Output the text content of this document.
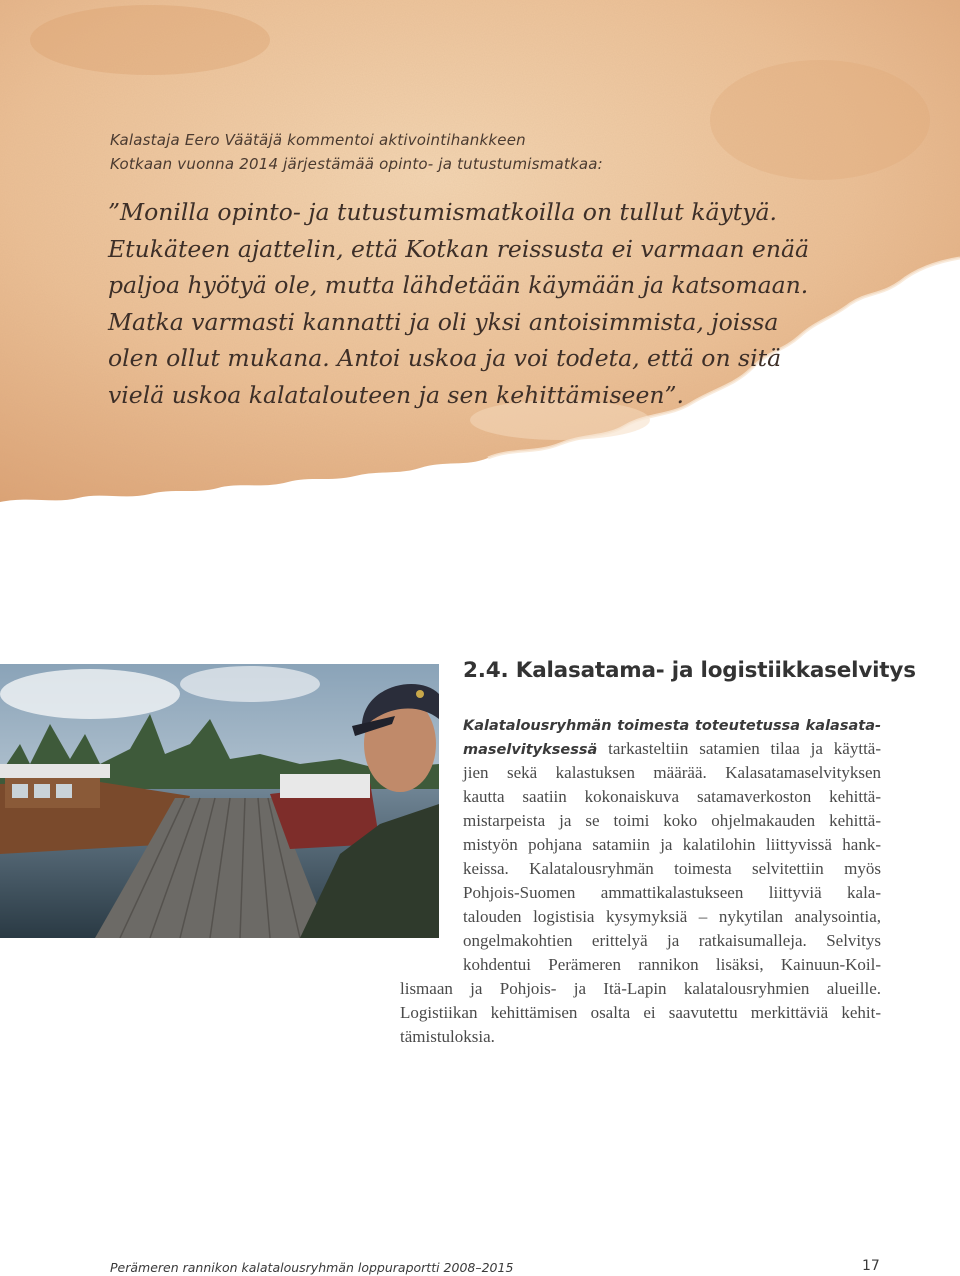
Kalastaja Eero Väätäjä kommentoi aktivointihankkeen
Kotkaan vuonna 2014 järjestämää opinto- ja tutustumismatkaa:
”Monilla opinto- ja tutustumismatkoilla on tullut käytyä.
Etukäteen ajattelin, että Kotkan reissusta ei varmaan enää
paljoa hyötyä ole, mutta lähdetään käymään ja katsomaan.
Matka varmasti kannatti ja oli yksi antoisimmista, joissa
olen ollut mukana. Antoi uskoa ja voi todeta, että on sitä
vielä uskoa kalatalouteen ja sen kehittämiseen”.
2.4. Kalasatama- ja logistiikkaselvitys
Kalatalousryhmän toimesta toteutetussa kalasata-
maselvityksessä tarkasteltiin satamien tilaa ja käyttä-
jien sekä kalastuksen määrää. Kalasatamaselvityksen
kautta saatiin kokonaiskuva satamaverkoston kehittä-
mistarpeista ja se toimi koko ohjelmakauden kehittä-
mistyön pohjana satamiin ja kalatilohin liittyvissä hank-
keissa. Kalatalousryhmän toimesta selvitettiin myös
Pohjois-Suomen ammattikalastukseen liittyviä kala-
talouden logistisia kysymyksiä – nykytilan analysointia,
ongelmakohtien erittelyä ja ratkaisumalleja. Selvitys
kohdentui Perämeren rannikon lisäksi, Kainuun-Koil-
lismaan ja Pohjois- ja Itä-Lapin kalatalousryhmien alueille.
Logistiikan kehittämisen osalta ei saavutettu merkittäviä kehit-
tämistuloksia.
Perämeren rannikon kalatalousryhmän loppuraportti 2008–2015	17
